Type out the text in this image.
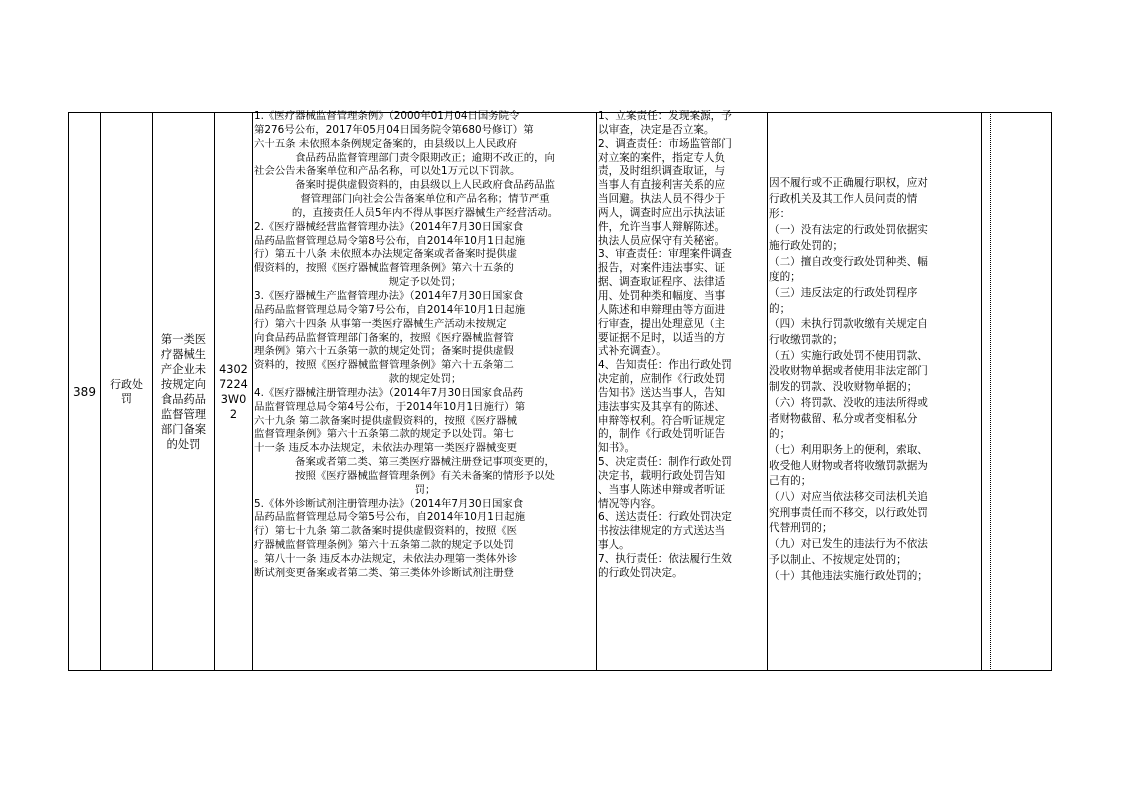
389
行政处罚
第一类医疗器械生产企业未按规定向食品药品监督管理部门备案的处罚
4302
7224
3W0
2

1.《医疗器械监督管理条例》（2000年01月04日国务院令

第276号公布，2017年05月04日国务院令第680号修订）第

六十五条 未依照本条例规定备案的，由县级以上人民政府

食品药品监督管理部门责令限期改正；逾期不改正的，向

社会公告未备案单位和产品名称，可以处1万元以下罚款。

备案时提供虚假资料的，由县级以上人民政府食品药品监

督管理部门向社会公告备案单位和产品名称；情节严重

的，直接责任人员5年内不得从事医疗器械生产经营活动。

2.《医疗器械经营监督管理办法》（2014年7月30日国家食

品药品监督管理总局令第8号公布，自2014年10月1日起施

行）第五十八条 未依照本办法规定备案或者备案时提供虚

假资料的，按照《医疗器械监督管理条例》第六十五条的

规定予以处罚；

3.《医疗器械生产监督管理办法》（2014年7月30日国家食

品药品监督管理总局令第7号公布，自2014年10月1日起施

行）第六十四条 从事第一类医疗器械生产活动未按规定

向食品药品监督管理部门备案的，按照《医疗器械监督管

理条例》第六十五条第一款的规定处罚；备案时提供虚假

资料的，按照《医疗器械监督管理条例》第六十五条第二

款的规定处罚；

4.《医疗器械注册管理办法》（2014年7月30日国家食品药

品监督管理总局令第4号公布，于2014年10月1日施行）第

六十九条 第二款备案时提供虚假资料的，按照《医疗器械

监督管理条例》第六十五条第二款的规定予以处罚。第七

十一条 违反本办法规定，未依法办理第一类医疗器械变更

备案或者第二类、第三类医疗器械注册登记事项变更的，

按照《医疗器械监督管理条例》有关未备案的情形予以处

罚；

5.《体外诊断试剂注册管理办法》（2014年7月30日国家食

品药品监督管理总局令第5号公布，自2014年10月1日起施

行）第七十九条 第二款备案时提供虚假资料的，按照《医

疗器械监督管理条例》第六十五条第二款的规定予以处罚

。第八十一条 违反本办法规定，未依法办理第一类体外诊

断试剂变更备案或者第二类、第三类体外诊断试剂注册登

1、立案责任：发现案源，予

以审查，决定是否立案。

2、调查责任：市场监管部门

对立案的案件，指定专人负

责，及时组织调查取证，与

当事人有直接利害关系的应

当回避。执法人员不得少于

两人，调查时应出示执法证

件，允许当事人辩解陈述。

执法人员应保守有关秘密。

3、审查责任：审理案件调查

报告，对案件违法事实、证

据、调查取证程序、法律适

用、处罚种类和幅度、当事

人陈述和申辩理由等方面进

行审查，提出处理意见（主

要证据不足时，以适当的方

式补充调查）。

4、告知责任：作出行政处罚

决定前，应制作《行政处罚

告知书》送达当事人，告知

违法事实及其享有的陈述、

申辩等权利。符合听证规定

的，制作《行政处罚听证告

知书》。

5、决定责任：制作行政处罚

决定书，载明行政处罚告知

、当事人陈述申辩或者听证

情况等内容。

6、送达责任：行政处罚决定

书按法律规定的方式送达当

事人。

7、执行责任：依法履行生效

的行政处罚决定。

因不履行或不正确履行职权，应对

行政机关及其工作人员问责的情

形：

（一）没有法定的行政处罚依据实

施行政处罚的；

（二）擅自改变行政处罚种类、幅

度的；

（三）违反法定的行政处罚程序

的；

（四）未执行罚款收缴有关规定自

行收缴罚款的；

（五）实施行政处罚不使用罚款、

没收财物单据或者使用非法定部门

制发的罚款、没收财物单据的；

（六）将罚款、没收的违法所得或

者财物截留、私分或者变相私分

的；

（七）利用职务上的便利，索取、

收受他人财物或者将收缴罚款据为

己有的；

（八）对应当依法移交司法机关追

究刑事责任而不移交，以行政处罚

代替刑罚的；

（九）对已发生的违法行为不依法

予以制止、不按规定处罚的；

（十）其他违法实施行政处罚的；
